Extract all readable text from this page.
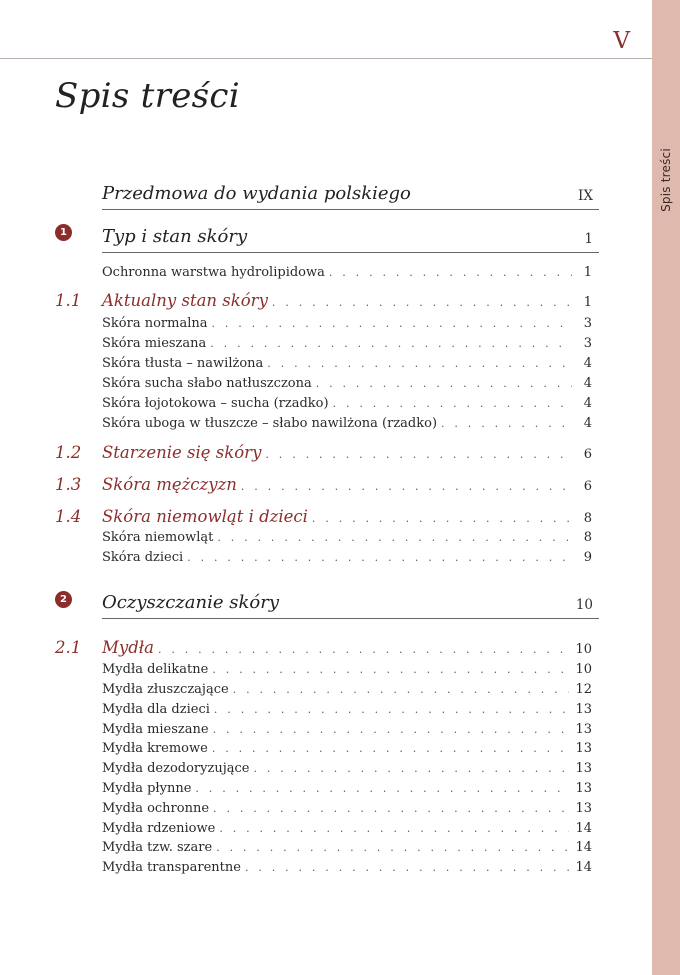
Spis treści
V
Spis treści
Przedmowa do wydania polskiego	IX
1 Typ i stan skóry	1
Ochronna warstwa hydrolipidowa . . .	1
1.1 Aktualny stan skóry . . .	1
Skóra normalna . . .	3
Skóra mieszana . . .	3
Skóra tłusta – nawilżona . . .	4
Skóra sucha słabo natłuszczona . . .	4
Skóra łojotokowa – sucha (rzadko) . . .	4
Skóra uboga w tłuszcze – słabo nawilżona (rzadko) . . .	4
1.2 Starzenie się skóry . . .	6
1.3 Skóra mężczyzn . . .	6
1.4 Skóra niemowląt i dzieci . . .	8
Skóra niemowląt . . .	8
Skóra dzieci . . .	9
2 Oczyszczanie skóry	10
2.1 Mydła . . .	10
Mydła delikatne . . .	10
Mydła złuszczające . . .	12
Mydła dla dzieci . . .	13
Mydła mieszane . . .	13
Mydła kremowe . . .	13
Mydła dezodoryzujące . . .	13
Mydła płynne . . .	13
Mydła ochronne . . .	13
Mydła rdzeniowe . . .	14
Mydła tzw. szare . . .	14
Mydła transparentne . . .	14
